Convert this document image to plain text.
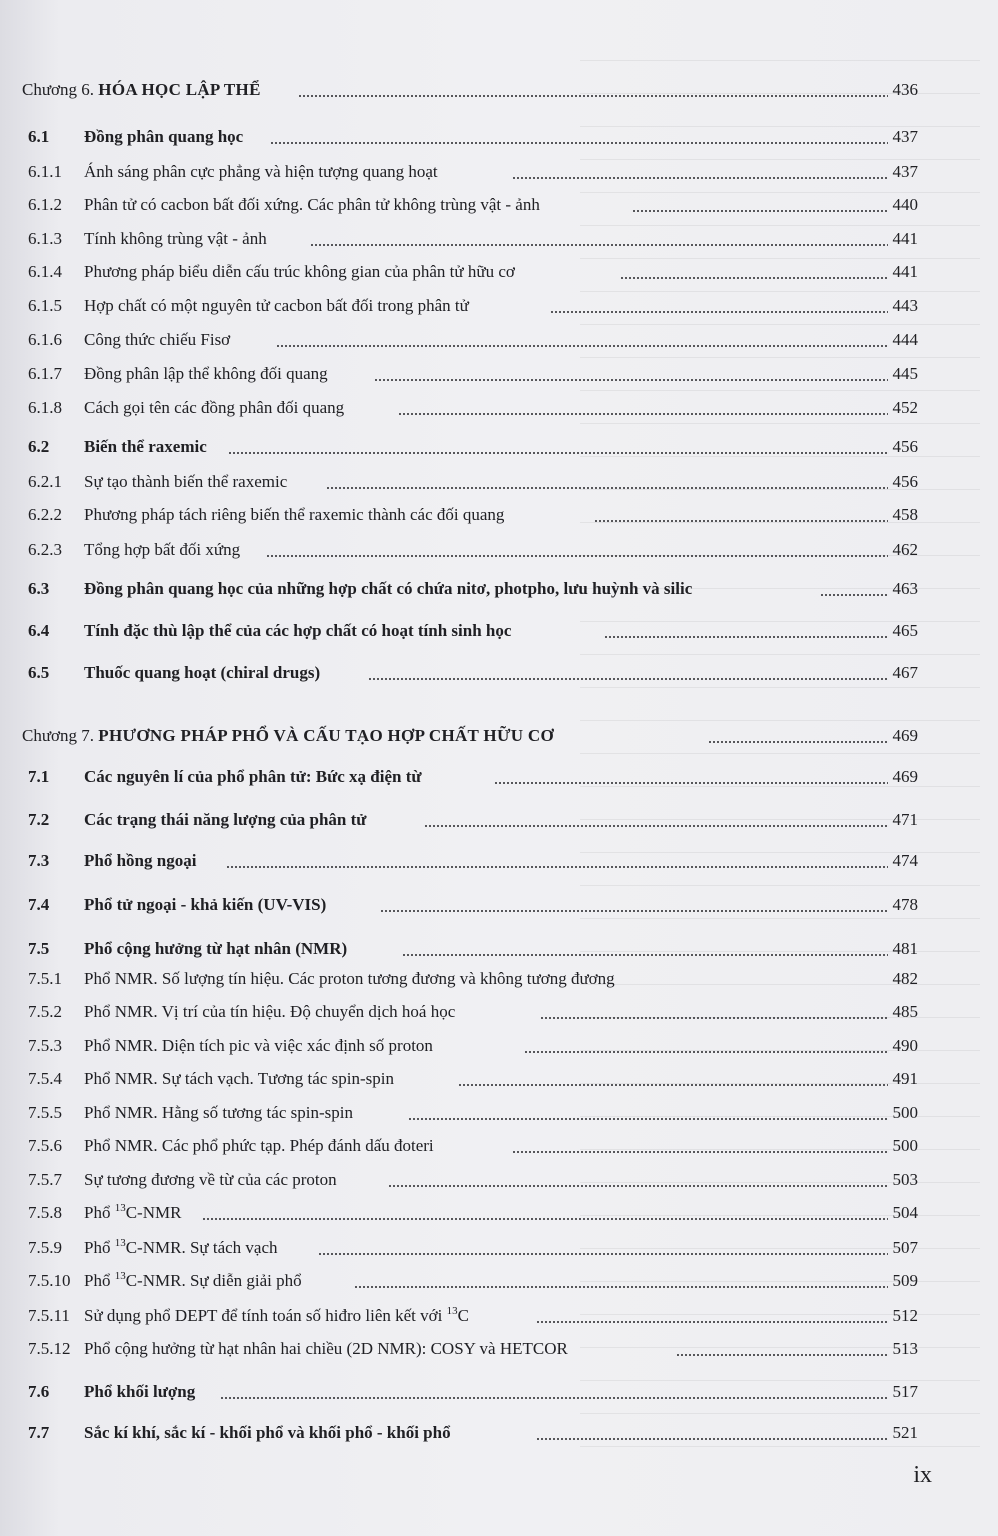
Chương 6. HÓA HỌC LẬP THỂ	436
6.1 Đồng phân quang học	437
6.1.1 Ánh sáng phân cực phẳng và hiện tượng quang hoạt	437
6.1.2 Phân tử có cacbon bất đối xứng. Các phân tử không trùng vật - ảnh	440
6.1.3 Tính không trùng vật - ảnh	441
6.1.4 Phương pháp biểu diễn cấu trúc không gian của phân tử hữu cơ	441
6.1.5 Hợp chất có một nguyên tử cacbon bất đối trong phân tử	443
6.1.6 Công thức chiếu Fisơ	444
6.1.7 Đồng phân lập thể không đối quang	445
6.1.8 Cách gọi tên các đồng phân đối quang	452
6.2 Biến thể raxemic	456
6.2.1 Sự tạo thành biến thể raxemic	456
6.2.2 Phương pháp tách riêng biến thể raxemic thành các đối quang	458
6.2.3 Tổng hợp bất đối xứng	462
6.3 Đồng phân quang học của những hợp chất có chứa nitơ, photpho, lưu huỳnh và silic	463
6.4 Tính đặc thù lập thể của các hợp chất có hoạt tính sinh học	465
6.5 Thuốc quang hoạt (chiral drugs)	467
Chương 7. PHƯƠNG PHÁP PHỔ VÀ CẤU TẠO HỢP CHẤT HỮU CƠ	469
7.1 Các nguyên lí của phổ phân tử: Bức xạ điện từ	469
7.2 Các trạng thái năng lượng của phân tử	471
7.3 Phổ hồng ngoại	474
7.4 Phổ tử ngoại - khả kiến (UV-VIS)	478
7.5 Phổ cộng hưởng từ hạt nhân (NMR)	481
7.5.1 Phổ NMR. Số lượng tín hiệu. Các proton tương đương và không tương đương	482
7.5.2 Phổ NMR. Vị trí của tín hiệu. Độ chuyển dịch hoá học	485
7.5.3 Phổ NMR. Diện tích pic và việc xác định số proton	490
7.5.4 Phổ NMR. Sự tách vạch. Tương tác spin-spin	491
7.5.5 Phổ NMR. Hằng số tương tác spin-spin	500
7.5.6 Phổ NMR. Các phổ phức tạp. Phép đánh dấu đoteri	500
7.5.7 Sự tương đương về từ của các proton	503
7.5.8 Phổ $^{13}$C-NMR	504
7.5.9 Phổ $^{13}$C-NMR. Sự tách vạch	507
7.5.10 Phổ $^{13}$C-NMR. Sự diễn giải phổ	509
7.5.11 Sử dụng phổ DEPT để tính toán số hiđro liên kết với $^{13}$C	512
7.5.12 Phổ cộng hưởng từ hạt nhân hai chiều (2D NMR): COSY và HETCOR	513
7.6 Phổ khối lượng	517
7.7 Sắc kí khí, sắc kí - khối phổ và khối phổ - khối phổ	521
ix
